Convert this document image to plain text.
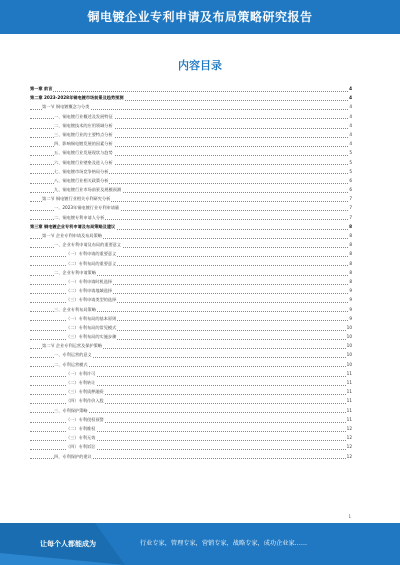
铜电镀企业专利申请及布局策略研究报告
内容目录
第一章 前言	4
第二章 2023-2028年铜电镀市场前景及趋势预测	4
第一节 铜电镀概念与分类	4
一、铜电镀行业概述及发展特征	4
二、铜电镀技术的应用领域分析	4
三、铜电镀行业的主要特点分析	4
四、影响铜电镀发展的因素分析	4
五、铜电镀行业发展现状与趋势	5
六、铜电镀行业壁垒及进入分析	5
七、铜电镀市场竞争格局分析	5
八、铜电镀行业相关政策分析	6
九、铜电镀行业市场前景及规模预测	6
第二节 铜电镀行业相关专利研究分析	7
一、2023年铜电镀行业专利申请量	7
二、铜电镀专利申请人分析	7
第三章 铜电镀企业专利申请及布局策略及建议	8
第一节 企业专利申请及布局策略	8
一、企业专利申请及布局的重要意义	8
（一）专利申请的重要意义	8
（二）专利布局的重要意义	8
二、企业专利申请策略	8
（一）专利申请时机选择	8
（二）专利申请地域选择	9
（三）专利申请类型的选择	9
三、企业专利布局策略	9
（一）专利布局的基本原则	9
（二）专利布局的常见模式	10
（三）专利布局的实施步骤	10
第二节 企业专利运营及保护策略	10
一、专利运营的意义	10
二、专利运营模式	10
（一）专利许可	11
（二）专利转让	11
（三）专利质押融资	11
（四）专利作价入股	11
三、专利保护策略	11
（一）专利侵权预警	11
（二）专利维权	12
（三）专利无效	12
（四）专利诉讼	12
四、专利保护的建议	12
1
让每个人都能成为	行业专家，管理专家，营销专家，战略专家，成功企业家……
